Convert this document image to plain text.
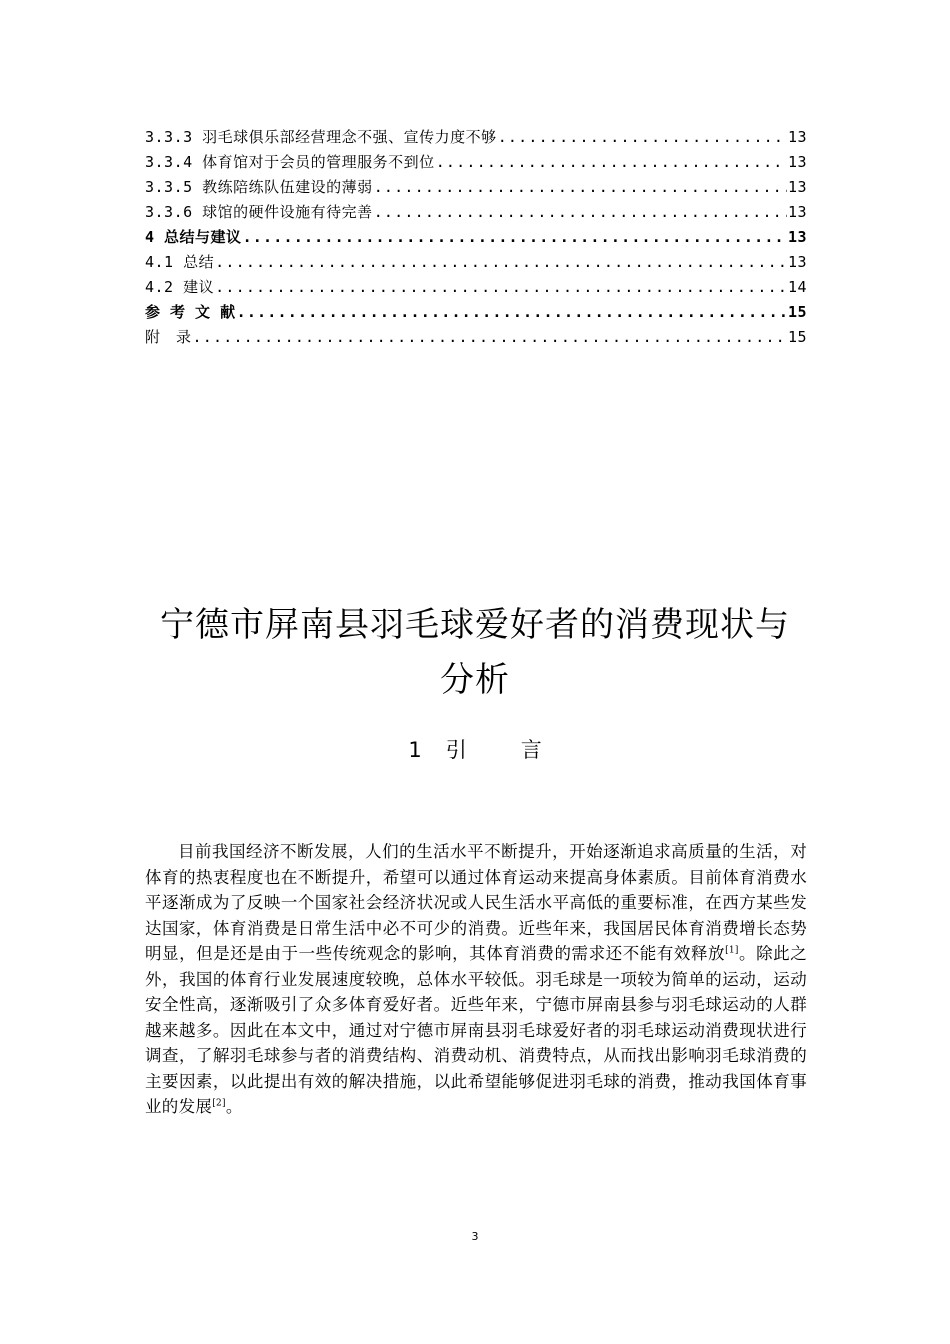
3.3.3 羽毛球俱乐部经营理念不强、宣传力度不够 .....	13
3.3.4 体育馆对于会员的管理服务不到位 .....	13
3.3.5 教练陪练队伍建设的薄弱 .....	13
3.3.6 球馆的硬件设施有待完善 .....	13
4 总结与建议 .....	13
4.1 总结 .....	13
4.2 建议 .....	14
参 考 文 献 .....	15
附　录 .....	15
宁德市屏南县羽毛球爱好者的消费现状与
分析
1 引	言
目前我国经济不断发展，人们的生活水平不断提升，开始逐渐追求高质量的生活，对体育的热衷程度也在不断提升，希望可以通过体育运动来提高身体素质。目前体育消费水平逐渐成为了反映一个国家社会经济状况或人民生活水平高低的重要标准，在西方某些发达国家，体育消费是日常生活中必不可少的消费。近些年来，我国居民体育消费增长态势明显，但是还是由于一些传统观念的影响，其体育消费的需求还不能有效释放[1]。除此之外，我国的体育行业发展速度较晚，总体水平较低。羽毛球是一项较为简单的运动，运动安全性高，逐渐吸引了众多体育爱好者。近些年来，宁德市屏南县参与羽毛球运动的人群越来越多。因此在本文中，通过对宁德市屏南县羽毛球爱好者的羽毛球运动消费现状进行调查，了解羽毛球参与者的消费结构、消费动机、消费特点，从而找出影响羽毛球消费的主要因素，以此提出有效的解决措施，以此希望能够促进羽毛球的消费，推动我国体育事业的发展[2]。
3
